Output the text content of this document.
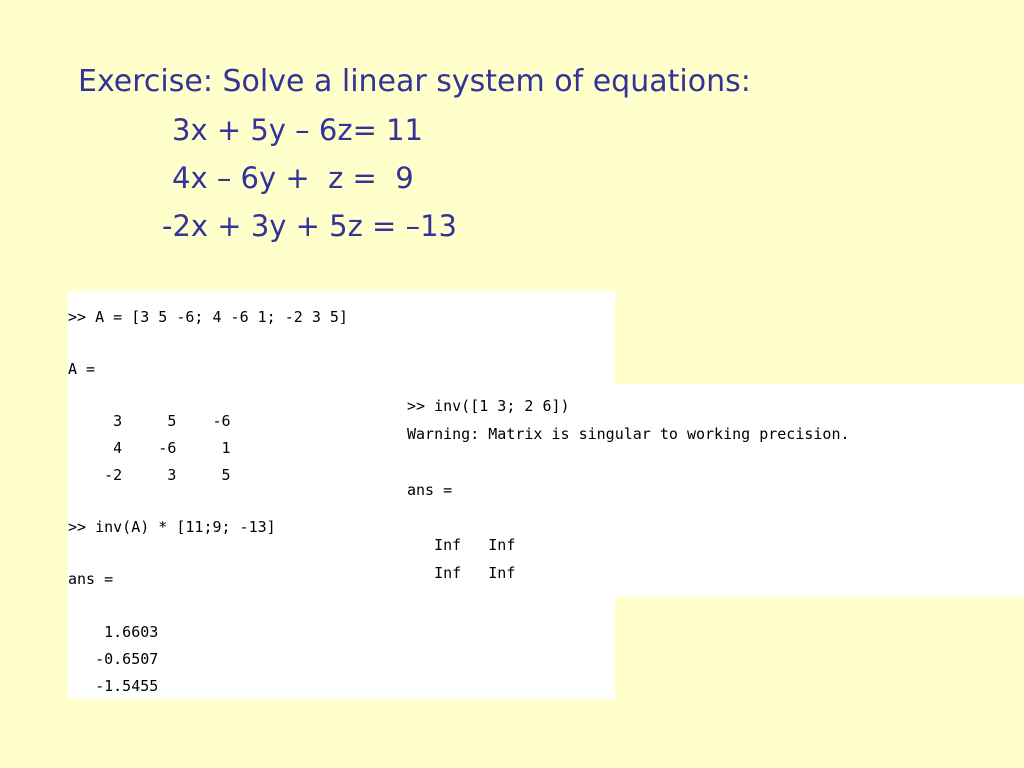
Exercise: Solve a linear system of equations:
3x + 5y – 6z= 11
4x – 6y +  z =  9
-2x + 3y + 5z = –13
>> A = [3 5 -6; 4 -6 1; -2 3 5]
A =
3     5    -6
4    -6     1
-2     3     5
>> inv(A) * [11;9; -13]
ans =
1.6603
-0.6507
-1.5455
>> inv([1 3; 2 6])
Warning: Matrix is singular to working precision.
ans =
Inf   Inf
Inf   Inf
